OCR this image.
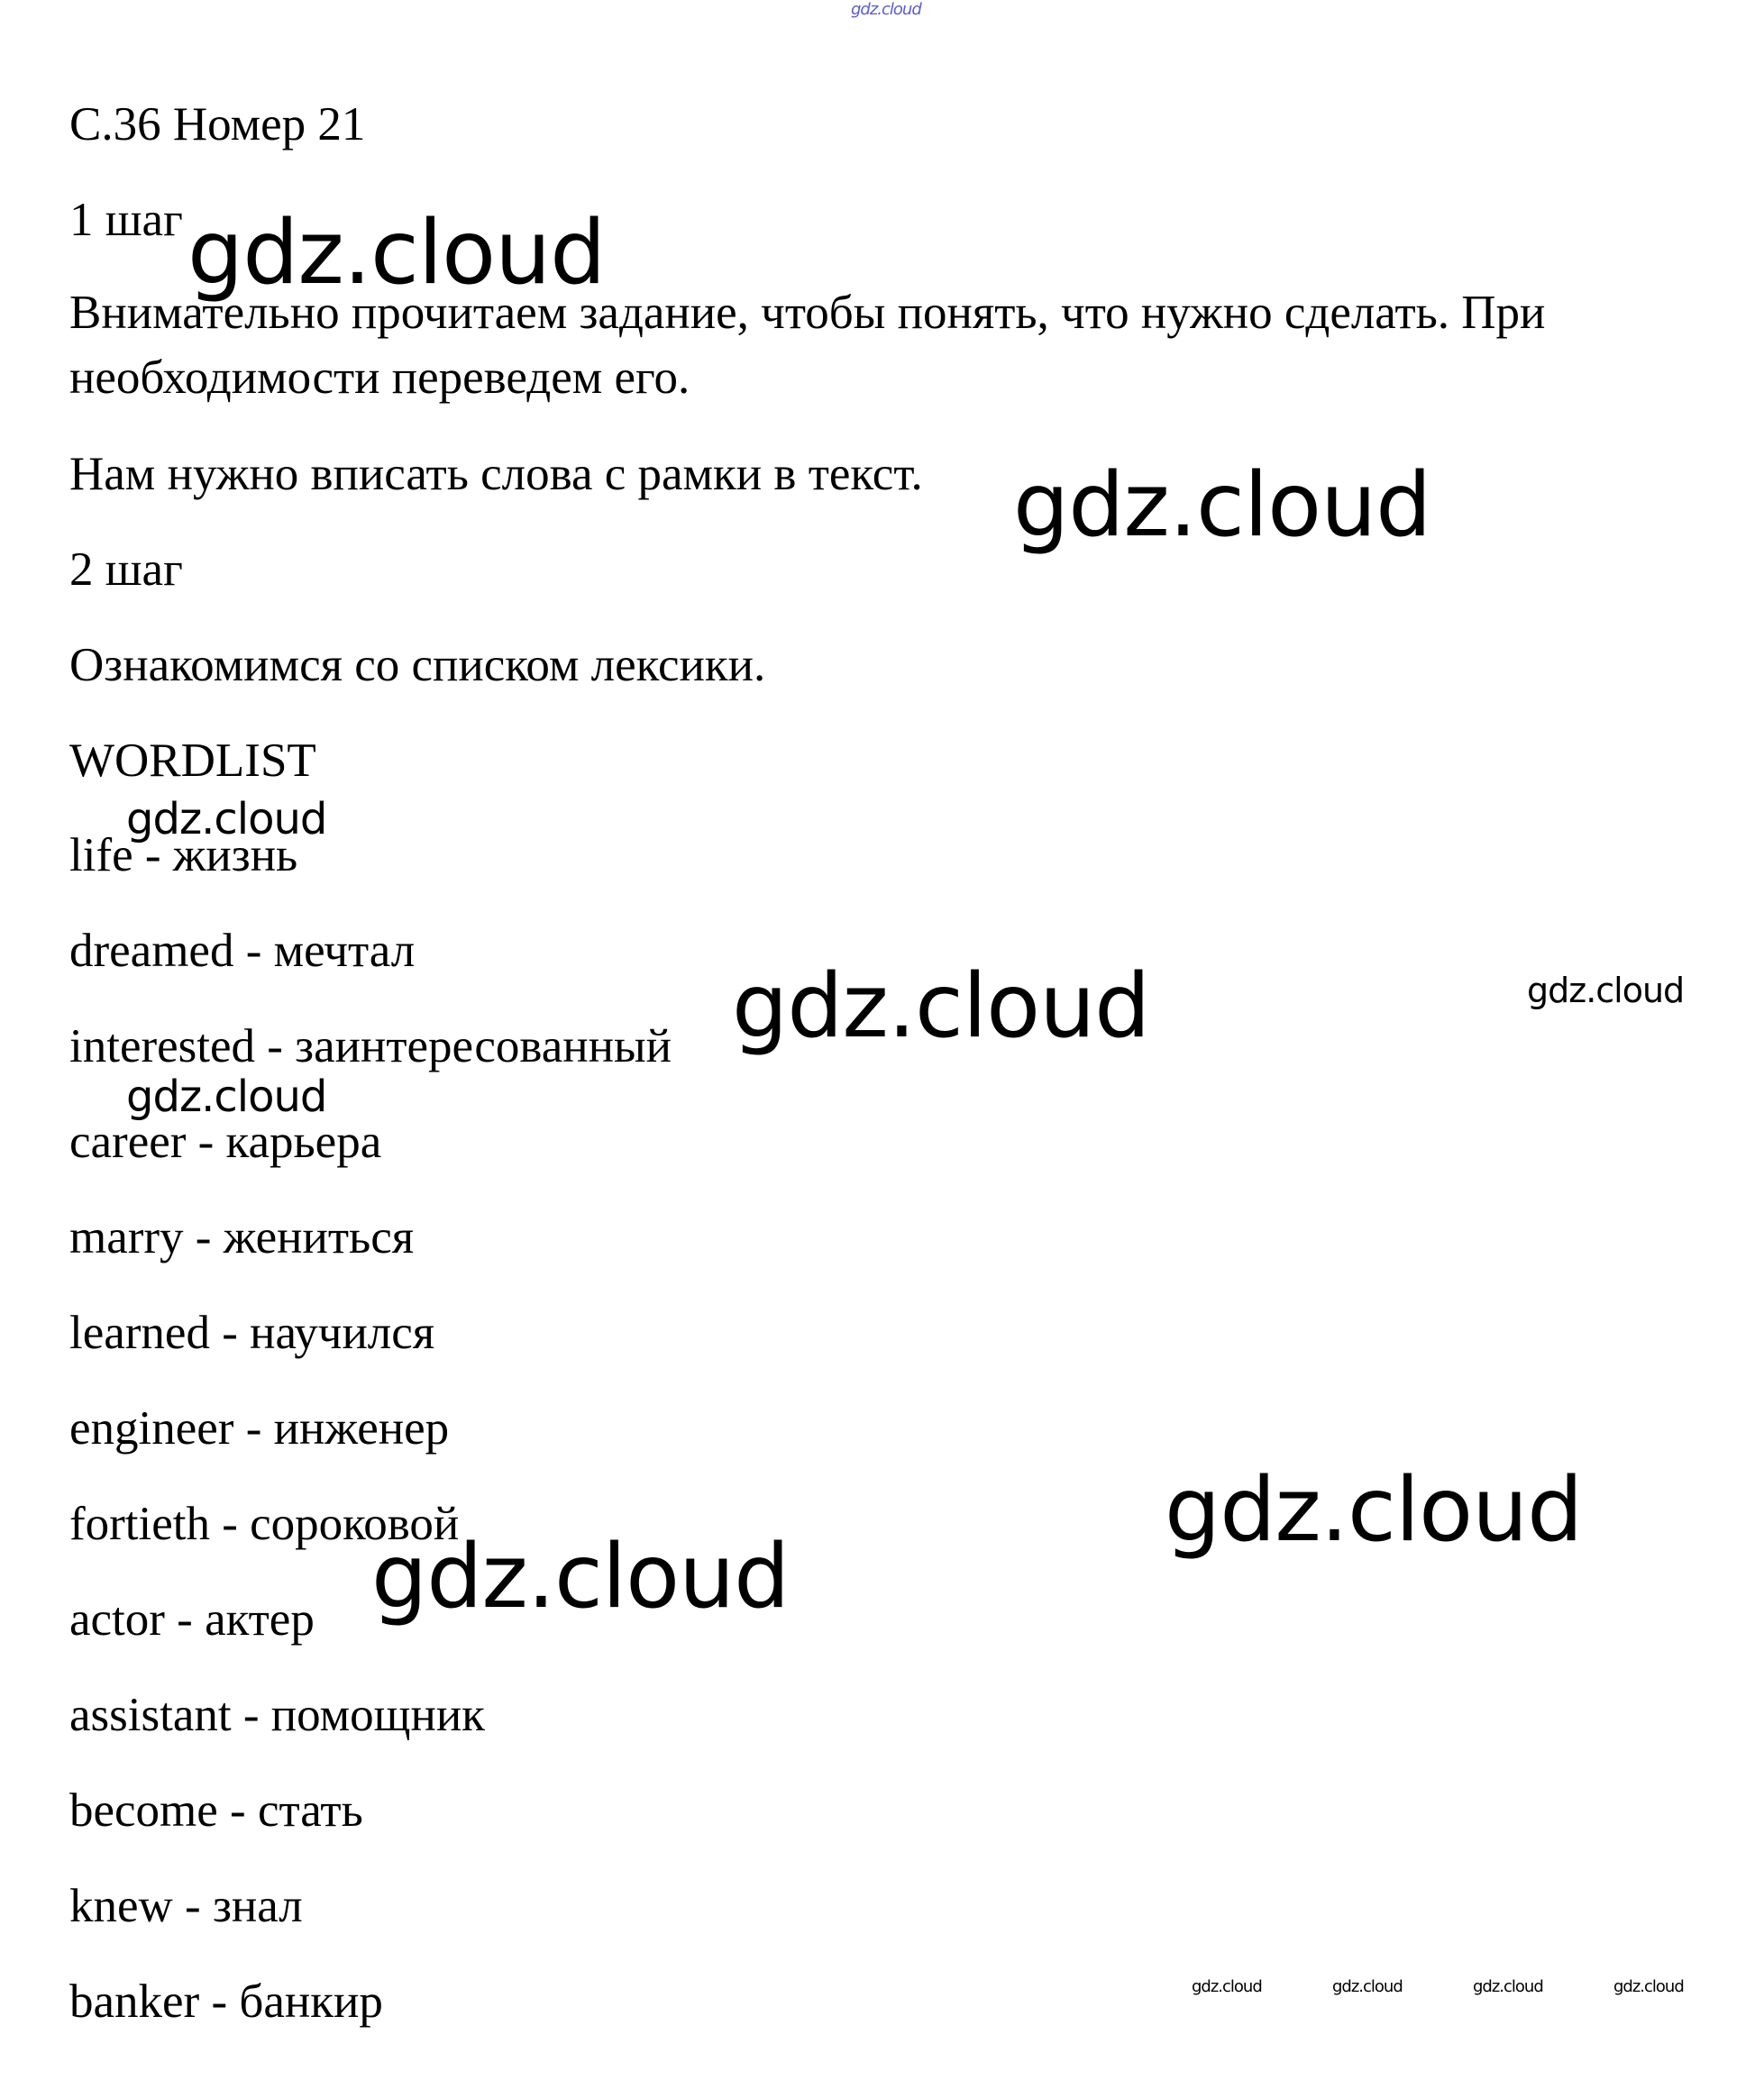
gdz.cloud
С.36 Номер 21
1 шаг
Внимательно прочитаем задание, чтобы понять, что нужно сделать. При необходимости переведем его.
Нам нужно вписать слова с рамки в текст.
2 шаг
Ознакомимся со списком лексики.
WORDLIST
life - жизнь
dreamed - мечтал
interested - заинтересованный
career - карьера
marry - жениться
learned - научился
engineer - инженер
fortieth - сороковой
actor - актер
assistant - помощник
become - стать
knew - знал
banker - банкир
gdz.cloud
gdz.cloud
gdz.cloud
gdz.cloud	gdz.cloud
gdz.cloud
gdz.cloud
gdz.cloud
gdz.cloud	gdz.cloud	gdz.cloud	gdz.cloud
